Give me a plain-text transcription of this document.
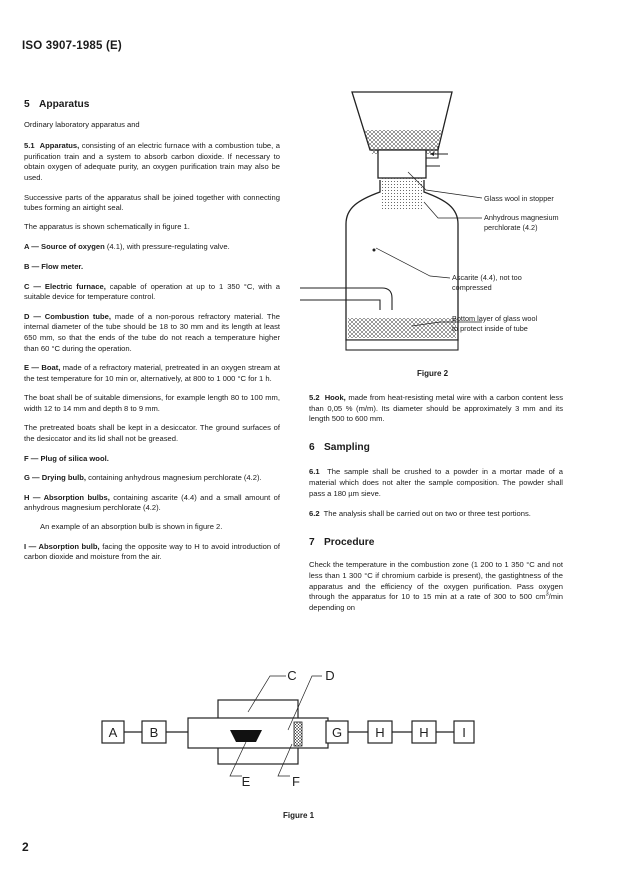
ISO 3907-1985 (E)
5 Apparatus

Ordinary laboratory apparatus and

5.1 Apparatus, consisting of an electric furnace with a combustion tube, a purification train and a system to absorb carbon dioxide. If necessary to obtain oxygen of adequate purity, an oxygen purification train may also be used.

Successive parts of the apparatus shall be joined together with connecting tubes forming an airtight seal.

The apparatus is shown schematically in figure 1.

A — Source of oxygen (4.1), with pressure-regulating valve.

B — Flow meter.

C — Electric furnace, capable of operation at up to 1 350 °C, with a suitable device for temperature control.

D — Combustion tube, made of a non-porous refractory material. The internal diameter of the tube should be 18 to 30 mm and its length at least 650 mm, so that the ends of the tube do not reach a temperature higher than 60 °C during the operation.

E — Boat, made of a refractory material, pretreated in an oxygen stream at the test temperature for 10 min or, alternatively, at 800 to 1 000 °C for 1 h.

The boat shall be of suitable dimensions, for example length 80 to 100 mm, width 12 to 14 mm and depth 8 to 9 mm.

The pretreated boats shall be kept in a desiccator. The ground surfaces of the desiccator and its lid shall not be greased.

F — Plug of silica wool.

G — Drying bulb, containing anhydrous magnesium perchlorate (4.2).

H — Absorption bulbs, containing ascarite (4.4) and a small amount of anhydrous magnesium perchlorate (4.2).

An example of an absorption bulb is shown in figure 2.

I — Absorption bulb, facing the opposite way to H to avoid introduction of carbon dioxide and moisture from the air.

Glass wool in stopper
Anhydrous magnesium
perchlorate (4.2)
Ascarite (4.4), not too
compressed
Bottom layer of glass wool
to protect inside of tube
Figure 2

5.2 Hook, made from heat-resisting metal wire with a carbon content less than 0,05 % (m/m). Its diameter should be approximately 3 mm and its length 500 to 600 mm.

6 Sampling

6.1 The sample shall be crushed to a powder in a mortar made of a material which does not alter the sample composition. The powder shall pass a 180 µm sieve.

6.2 The analysis shall be carried out on two or three test portions.

7 Procedure

Check the temperature in the combustion zone (1 200 to 1 350 °C and not less than 1 300 °C if chromium carbide is present), the gastightness of the apparatus and the efficiency of the oxygen purification. Pass oxygen through the apparatus for 10 to 15 min at a rate of 300 to 500 $cm^3/\min$ depending on

A B	G	H	H	I
C D
E	F
Figure 1
2
